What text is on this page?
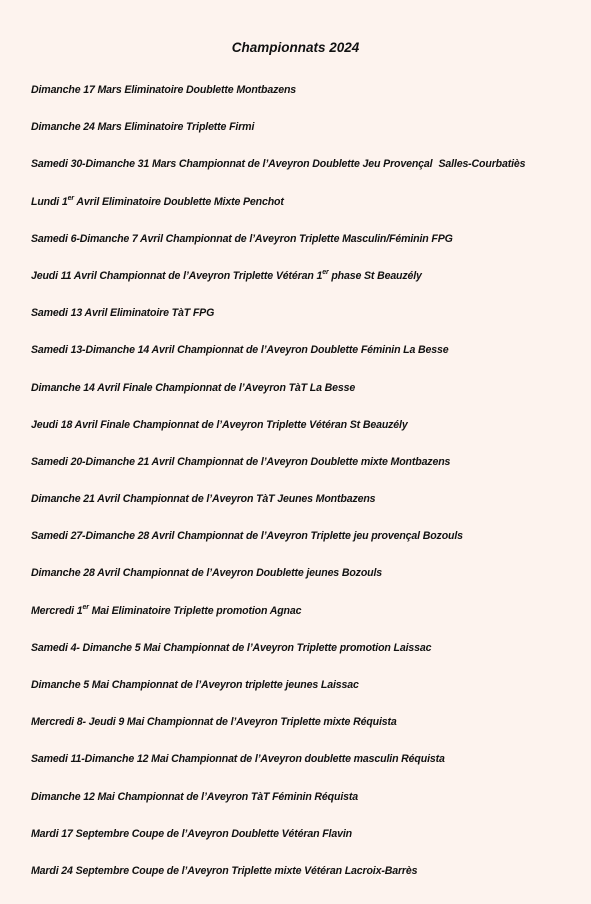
Championnats 2024
Dimanche 17 Mars Eliminatoire Doublette Montbazens
Dimanche 24 Mars Eliminatoire Triplette Firmi
Samedi 30-Dimanche 31 Mars Championnat de l’Aveyron Doublette Jeu Provençal Salles-Courbatiès
Lundi 1er Avril Eliminatoire Doublette Mixte Penchot
Samedi 6-Dimanche 7 Avril Championnat de l’Aveyron Triplette Masculin/Féminin FPG
Jeudi 11 Avril Championnat de l’Aveyron Triplette Vétéran 1er phase St Beauzély
Samedi 13 Avril Eliminatoire TàT FPG
Samedi 13-Dimanche 14 Avril Championnat de l’Aveyron Doublette Féminin La Besse
Dimanche 14 Avril Finale Championnat de l’Aveyron TàT La Besse
Jeudi 18 Avril Finale Championnat de l’Aveyron Triplette Vétéran St Beauzély
Samedi 20-Dimanche 21 Avril Championnat de l’Aveyron Doublette mixte Montbazens
Dimanche 21 Avril Championnat de l’Aveyron TàT Jeunes Montbazens
Samedi 27-Dimanche 28 Avril Championnat de l’Aveyron Triplette jeu provençal Bozouls
Dimanche 28 Avril Championnat de l’Aveyron Doublette jeunes Bozouls
Mercredi 1er Mai Eliminatoire Triplette promotion Agnac
Samedi 4- Dimanche 5 Mai Championnat de l’Aveyron Triplette promotion Laissac
Dimanche 5 Mai Championnat de l’Aveyron triplette jeunes Laissac
Mercredi 8- Jeudi 9 Mai Championnat de l’Aveyron Triplette mixte Réquista
Samedi 11-Dimanche 12 Mai Championnat de l’Aveyron doublette masculin Réquista
Dimanche 12 Mai Championnat de l’Aveyron TàT Féminin Réquista
Mardi 17 Septembre Coupe de l’Aveyron Doublette Vétéran Flavin
Mardi 24 Septembre Coupe de l’Aveyron Triplette mixte Vétéran Lacroix-Barrès
